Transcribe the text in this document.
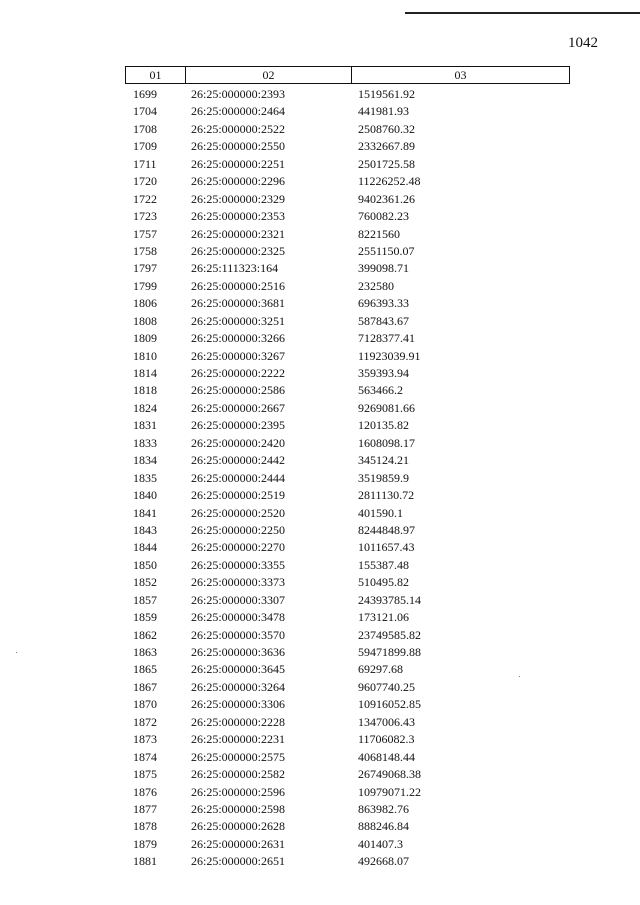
1042
01	02	03
1699	26:25:000000:2393	1519561.92
1704	26:25:000000:2464	441981.93
1708	26:25:000000:2522	2508760.32
1709	26:25:000000:2550	2332667.89
1711	26:25:000000:2251	2501725.58
1720	26:25:000000:2296	11226252.48
1722	26:25:000000:2329	9402361.26
1723	26:25:000000:2353	760082.23
1757	26:25:000000:2321	8221560
1758	26:25:000000:2325	2551150.07
1797	26:25:111323:164	399098.71
1799	26:25:000000:2516	232580
1806	26:25:000000:3681	696393.33
1808	26:25:000000:3251	587843.67
1809	26:25:000000:3266	7128377.41
1810	26:25:000000:3267	11923039.91
1814	26:25:000000:2222	359393.94
1818	26:25:000000:2586	563466.2
1824	26:25:000000:2667	9269081.66
1831	26:25:000000:2395	120135.82
1833	26:25:000000:2420	1608098.17
1834	26:25:000000:2442	345124.21
1835	26:25:000000:2444	3519859.9
1840	26:25:000000:2519	2811130.72
1841	26:25:000000:2520	401590.1
1843	26:25:000000:2250	8244848.97
1844	26:25:000000:2270	1011657.43
1850	26:25:000000:3355	155387.48
1852	26:25:000000:3373	510495.82
1857	26:25:000000:3307	24393785.14
1859	26:25:000000:3478	173121.06
1862	26:25:000000:3570	23749585.82
1863	26:25:000000:3636	59471899.88
1865	26:25:000000:3645	69297.68
1867	26:25:000000:3264	9607740.25
1870	26:25:000000:3306	10916052.85
1872	26:25:000000:2228	1347006.43
1873	26:25:000000:2231	11706082.3
1874	26:25:000000:2575	4068148.44
1875	26:25:000000:2582	26749068.38
1876	26:25:000000:2596	10979071.22
1877	26:25:000000:2598	863982.76
1878	26:25:000000:2628	888246.84
1879	26:25:000000:2631	401407.3
1881	26:25:000000:2651	492668.07
